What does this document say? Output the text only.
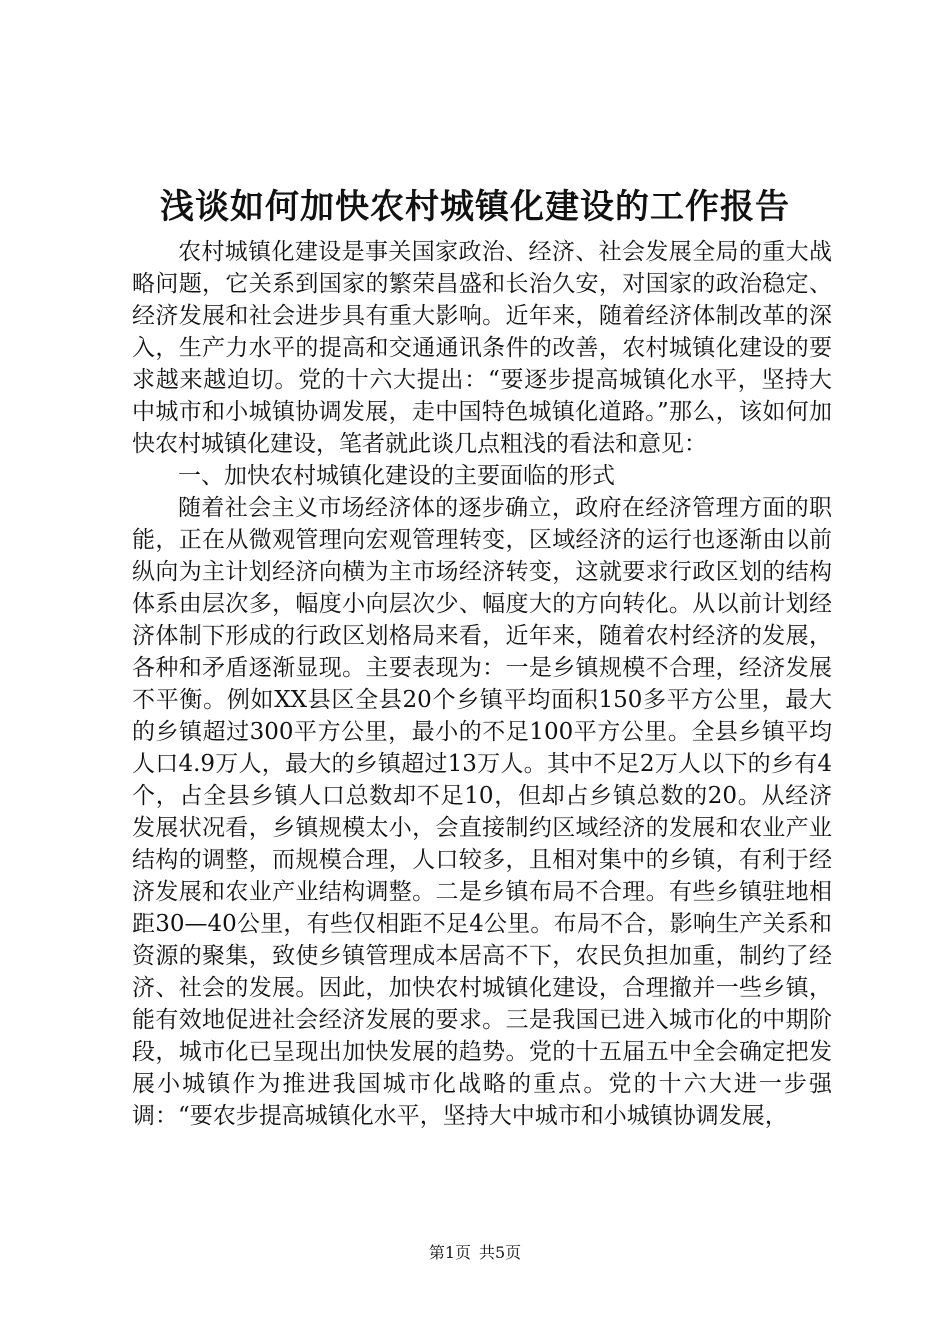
浅谈如何加快农村城镇化建设的工作报告

农村城镇化建设是事关国家政治、经济、社会发展全局的重大战略问题，它关系到国家的繁荣昌盛和长治久安，对国家的政治稳定、经济发展和社会进步具有重大影响。近年来，随着经济体制改革的深入，生产力水平的提高和交通通讯条件的改善，农村城镇化建设的要求越来越迫切。党的十六大提出：“要逐步提高城镇化水平，坚持大中城市和小城镇协调发展，走中国特色城镇化道路。”那么，该如何加快农村城镇化建设，笔者就此谈几点粗浅的看法和意见：

一、加快农村城镇化建设的主要面临的形式

随着社会主义市场经济体的逐步确立，政府在经济管理方面的职能，正在从微观管理向宏观管理转变，区域经济的运行也逐渐由以前纵向为主计划经济向横为主市场经济转变，这就要求行政区划的结构体系由层次多，幅度小向层次少、幅度大的方向转化。从以前计划经济体制下形成的行政区划格局来看，近年来，随着农村经济的发展，各种和矛盾逐渐显现。主要表现为：一是乡镇规模不合理，经济发展不平衡。例如XX县区全县20个乡镇平均面积150多平方公里，最大的乡镇超过300平方公里，最小的不足100平方公里。全县乡镇平均人口4.9万人，最大的乡镇超过13万人。其中不足2万人以下的乡有4个，占全县乡镇人口总数却不足10，但却占乡镇总数的20。从经济发展状况看，乡镇规模太小，会直接制约区域经济的发展和农业产业结构的调整，而规模合理，人口较多，且相对集中的乡镇，有利于经济发展和农业产业结构调整。二是乡镇布局不合理。有些乡镇驻地相距30—40公里，有些仅相距不足4公里。布局不合，影响生产关系和资源的聚集，致使乡镇管理成本居高不下，农民负担加重，制约了经济、社会的发展。因此，加快农村城镇化建设，合理撤并一些乡镇，能有效地促进社会经济发展的要求。三是我国已进入城市化的中期阶段，城市化已呈现出加快发展的趋势。党的十五届五中全会确定把发展小城镇作为推进我国城市化战略的重点。党的十六大进一步强调：“要农步提高城镇化水平，坚持大中城市和小城镇协调发展，

第1页 共5页
